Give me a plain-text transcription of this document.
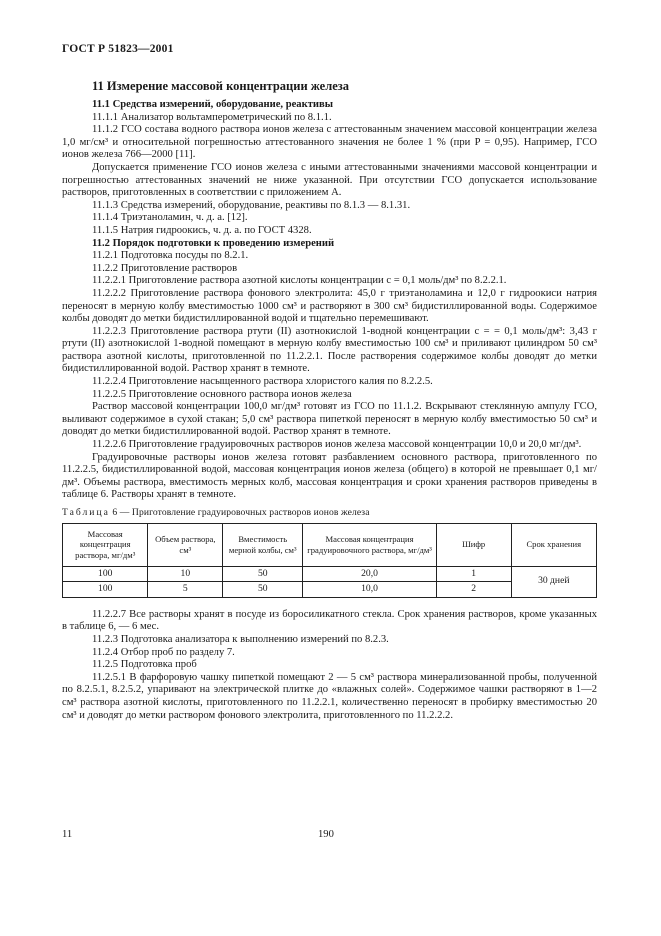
ГОСТ Р 51823—2001
11 Измерение массовой концентрации железа

11.1 Средства измерений, оборудование, реактивы

11.1.1 Анализатор вольтамперометрический по 8.1.1.

11.1.2 ГСО состава водного раствора ионов железа с аттестованным значением массовой концентрации железа 1,0 мг/см³ и относительной погрешностью аттестованного значения не более 1 % (при P = 0,95). Например, ГСО ионов железа 766—2000 [11].

Допускается применение ГСО ионов железа с иными аттестованными значениями массовой концентрации и погрешностью аттестованных значений не ниже указанной. При отсутствии ГСО допускается использование растворов, приготовленных в соответствии с приложением А.

11.1.3 Средства измерений, оборудование, реактивы по 8.1.3 — 8.1.31.

11.1.4 Триэтаноламин, ч. д. а. [12].

11.1.5 Натрия гидроокись, ч. д. а. по ГОСТ 4328.

11.2 Порядок подготовки к проведению измерений

11.2.1 Подготовка посуды по 8.2.1.

11.2.2 Приготовление растворов

11.2.2.1 Приготовление раствора азотной кислоты концентрации c = 0,1 моль/дм³ по 8.2.2.1.

11.2.2.2 Приготовление раствора фонового электролита: 45,0 г триэтаноламина и 12,0 г гидроокиси натрия переносят в мерную колбу вместимостью 1000 см³ и растворяют в 300 см³ бидистиллированной воды. Содержимое колбы доводят до метки бидистиллированной водой и тщательно перемешивают.

11.2.2.3 Приготовление раствора ртути (II) азотнокислой 1-водной концентрации c = = 0,1 моль/дм³: 3,43 г ртути (II) азотнокислой 1-водной помещают в мерную колбу вместимостью 100 см³ и приливают цилиндром 50 см³ раствора азотной кислоты, приготовленной по 11.2.2.1. После растворения содержимое колбы доводят до метки бидистиллированной водой. Раствор хранят в темноте.

11.2.2.4 Приготовление насыщенного раствора хлористого калия по 8.2.2.5.

11.2.2.5 Приготовление основного раствора ионов железа

Раствор массовой концентрации 100,0 мг/дм³ готовят из ГСО по 11.1.2. Вскрывают стеклянную ампулу ГСО, выливают содержимое в сухой стакан; 5,0 см³ раствора пипеткой переносят в мерную колбу вместимостью 50 см³ и доводят до метки бидистиллированной водой. Раствор хранят в темноте.

11.2.2.6 Приготовление градуировочных растворов ионов железа массовой концентрации 10,0 и 20,0 мг/дм³.

Градуировочные растворы ионов железа готовят разбавлением основного раствора, приготовленного по 11.2.2.5, бидистиллированной водой, массовая концентрация ионов железа (общего) в которой не превышает 0,1 мг/дм³. Объемы раствора, вместимость мерных колб, массовая концентрация и сроки хранения растворов приведены в таблице 6. Растворы хранят в темноте.

Таблица 6 — Приготовление градуировочных растворов ионов железа
Массовая концентрация раствора, мг/дм³	Объем раствора, см³	Вместимость мерной колбы, см³	Массовая концентрация градуировочного раствора, мг/дм³	Шифр	Срок хранения
100	10	50	20,0	1	30 дней
100	5	50	10,0	2	

11.2.2.7 Все растворы хранят в посуде из боросиликатного стекла. Срок хранения растворов, кроме указанных в таблице 6, — 6 мес.

11.2.3 Подготовка анализатора к выполнению измерений по 8.2.3.

11.2.4 Отбор проб по разделу 7.

11.2.5 Подготовка проб

11.2.5.1 В фарфоровую чашку пипеткой помещают 2 — 5 см³ раствора минерализованной пробы, полученной по 8.2.5.1, 8.2.5.2, упаривают на электрической плитке до «влажных солей». Содержимое чашки растворяют в 1—2 см³ раствора азотной кислоты, приготовленного по 11.2.2.1, количественно переносят в пробирку вместимостью 20 см³ и доводят до метки раствором фонового электролита, приготовленного по 11.2.2.2.

11	190
